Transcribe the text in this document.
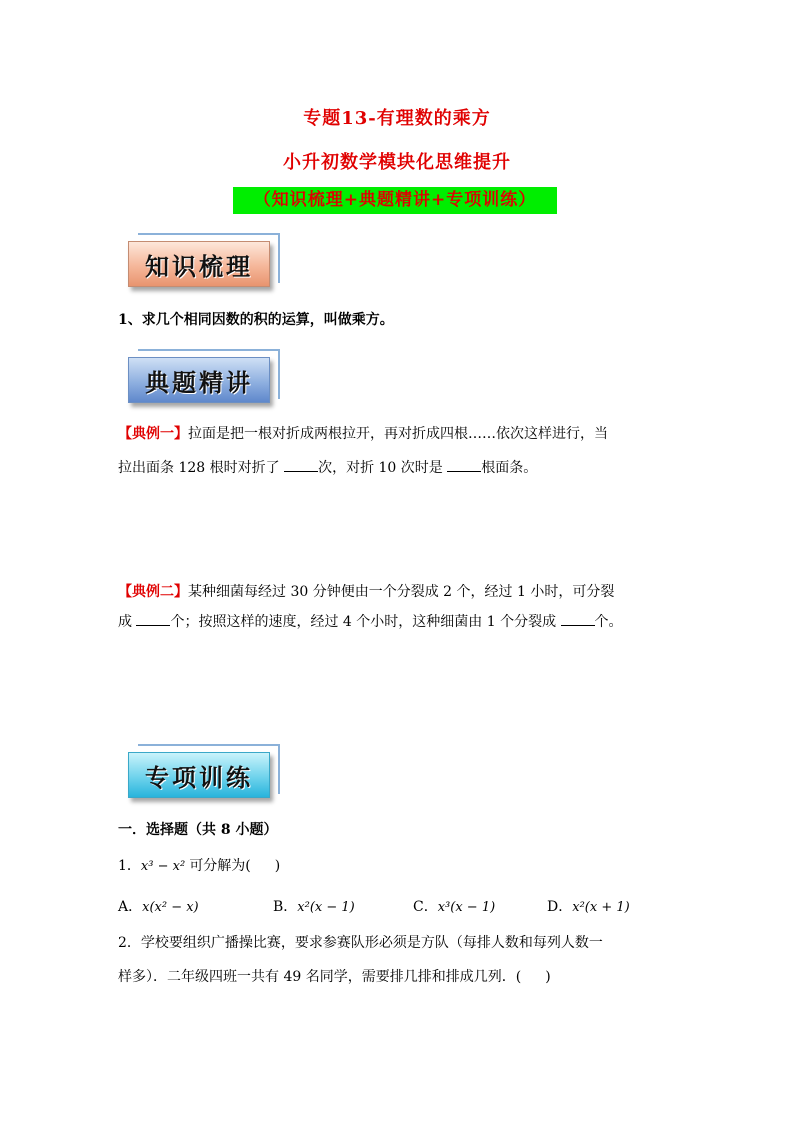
专题13-有理数的乘方
小升初数学模块化思维提升
（知识梳理+典题精讲+专项训练）
知识梳理
1、求几个相同因数的积的运算，叫做乘方。
典题精讲
【典例一】拉面是把一根对折成两根拉开，再对折成四根……依次这样进行，当
拉出面条 128 根时对折了 次，对折 10 次时是 根面条。
【典例二】某种细菌每经过 30 分钟便由一个分裂成 2 个，经过 1 小时，可分裂
成 个；按照这样的速度，经过 4 个小时，这种细菌由 1 个分裂成 个。
专项训练
一．选择题（共 8 小题）
1．x³ − x² 可分解为( )
A．x(x² − x)	B．x²(x − 1)	C．x³(x − 1)	D．x²(x + 1)
2．学校要组织广播操比赛，要求参赛队形必须是方队（每排人数和每列人数一
样多）．二年级四班一共有 49 名同学，需要排几排和排成几列．( )
